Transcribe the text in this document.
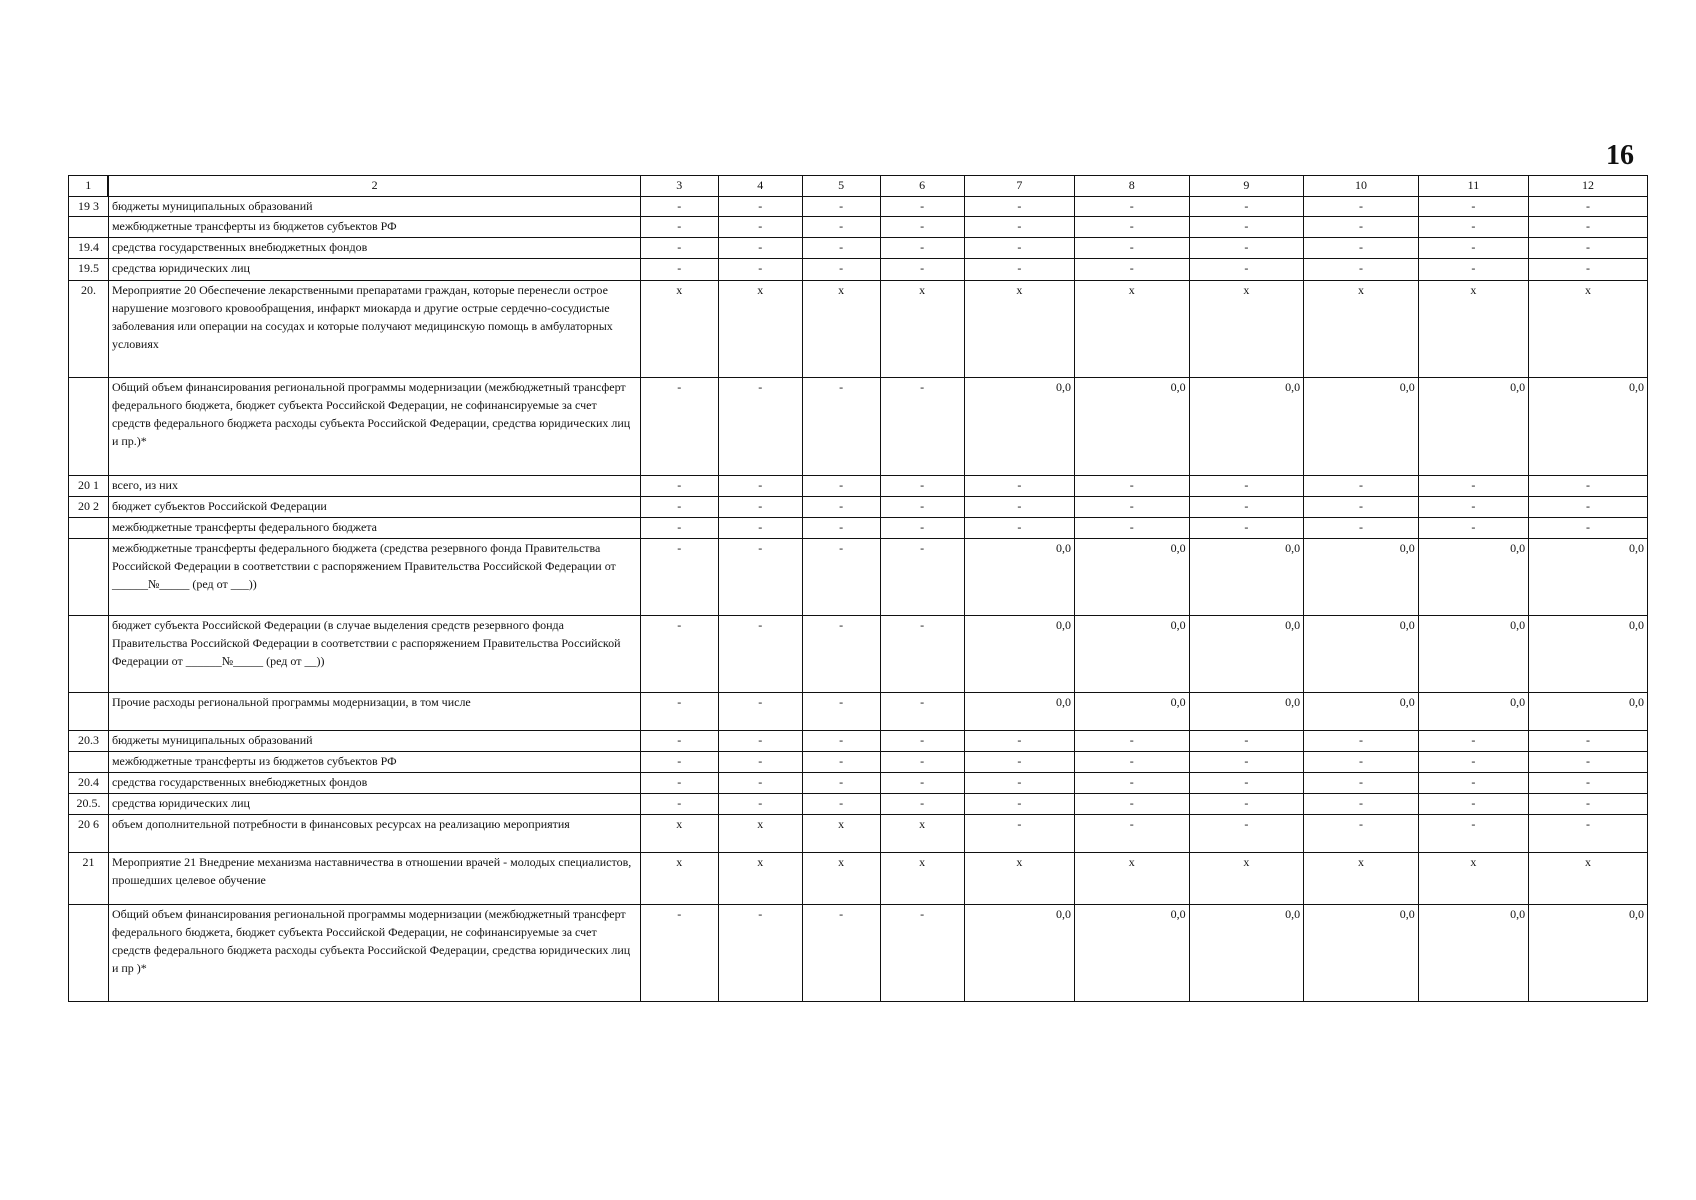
16
1	2	3	4	5	6	7	8	9	10	11	12
19 3	бюджеты муниципальных образований	-	-	-	-	-	-	-	-	-	-
	межбюджетные трансферты из бюджетов субъектов РФ	-	-	-	-	-	-	-	-	-	-
19.4	средства государственных внебюджетных фондов	-	-	-	-	-	-	-	-	-	-
19.5	средства юридических лиц	-	-	-	-	-	-	-	-	-	-
20.	Мероприятие 20 Обеспечение лекарственными препаратами граждан, которые перенесли острое нарушение мозгового кровообращения, инфаркт миокарда и другие острые сердечно-сосудистые заболевания или операции на сосудах и которые получают медицинскую помощь в амбулаторных условиях	x	x	x	x	x	x	x	x	x	x
	Общий объем финансирования региональной программы модернизации (межбюджетный трансферт федерального бюджета, бюджет субъекта Российской Федерации, не софинансируемые за счет средств федерального бюджета расходы субъекта Российской Федерации, средства юридических лиц и пр.)*	-	-	-	-	0,0	0,0	0,0	0,0	0,0	0,0
20 1	всего, из них	-	-	-	-	-	-	-	-	-	-
20 2	бюджет субъектов Российской Федерации	-	-	-	-	-	-	-	-	-	-
	межбюджетные трансферты федерального бюджета	-	-	-	-	-	-	-	-	-	-
	межбюджетные трансферты федерального бюджета (средства резервного фонда Правительства Российской Федерации в соответствии с распоряжением Правительства Российской Федерации от ______№_____ (ред от ___))	-	-	-	-	0,0	0,0	0,0	0,0	0,0	0,0
	бюджет субъекта Российской Федерации (в случае выделения средств резервного фонда Правительства Российской Федерации в соответствии с распоряжением Правительства Российской Федерации от ______№_____ (ред от __))	-	-	-	-	0,0	0,0	0,0	0,0	0,0	0,0
	Прочие расходы региональной программы модернизации, в том числе	-	-	-	-	0,0	0,0	0,0	0,0	0,0	0,0
20.3	бюджеты муниципальных образований	-	-	-	-	-	-	-	-	-	-
	межбюджетные трансферты из бюджетов субъектов РФ	-	-	-	-	-	-	-	-	-	-
20.4	средства государственных внебюджетных фондов	-	-	-	-	-	-	-	-	-	-
20.5.	средства юридических лиц	-	-	-	-	-	-	-	-	-	-
20 6	объем дополнительной потребности в финансовых ресурсах на реализацию мероприятия	x	x	x	x	-	-	-	-	-	-
21	Мероприятие 21 Внедрение механизма наставничества в отношении врачей - молодых специалистов, прошедших целевое обучение	x	x	x	x	x	x	x	x	x	x
	Общий объем финансирования региональной программы модернизации (межбюджетный трансферт федерального бюджета, бюджет субъекта Российской Федерации, не софинансируемые за счет средств федерального бюджета расходы субъекта Российской Федерации, средства юридических лиц и пр )*	-	-	-	-	0,0	0,0	0,0	0,0	0,0	0,0
